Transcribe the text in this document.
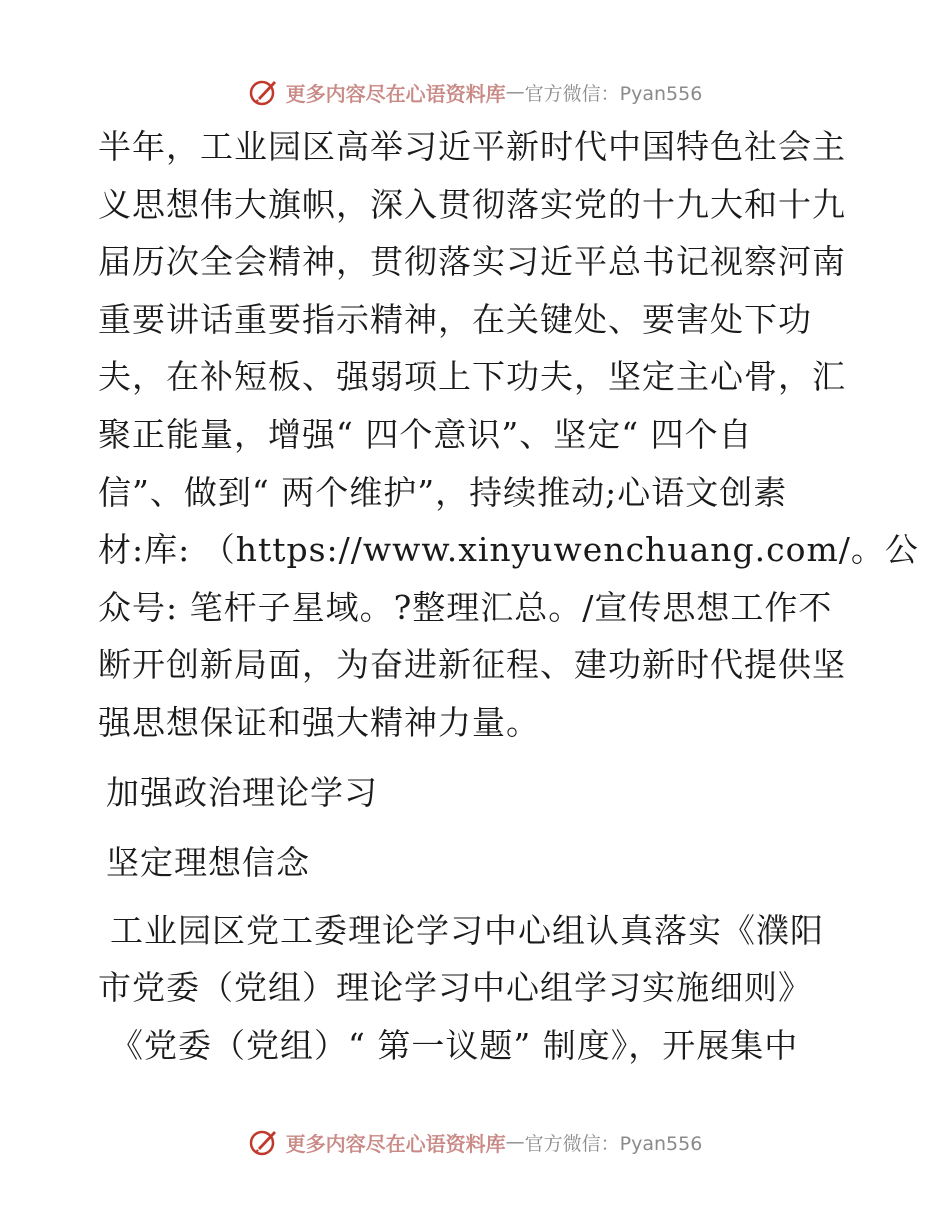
更多内容尽在心语资料库 — 官方微信：Pyan556
半年，工业园区高举习近平新时代中国特色社会主
义思想伟大旗帜，深入贯彻落实党的十九大和十九
届历次全会精神，贯彻落实习近平总书记视察河南
重要讲话重要指示精神，在关键处、要害处下功
夫，在补短板、强弱项上下功夫，坚定主心骨，汇
聚正能量，增强“ 四个意识”、坚定“ 四个自
信”、做到“ 两个维护”，持续推动;心语文创素
材:库: （https://www.xinyuwenchuang.com/。公
众号: 笔杆子星域。?整理汇总。/宣传思想工作不
断开创新局面，为奋进新征程、建功新时代提供坚
强思想保证和强大精神力量。
加强政治理论学习
坚定理想信念
工业园区党工委理论学习中心组认真落实《濮阳
市党委（党组）理论学习中心组学习实施细则》
《党委（党组）“ 第一议题” 制度》，开展集中
更多内容尽在心语资料库 — 官方微信：Pyan556
